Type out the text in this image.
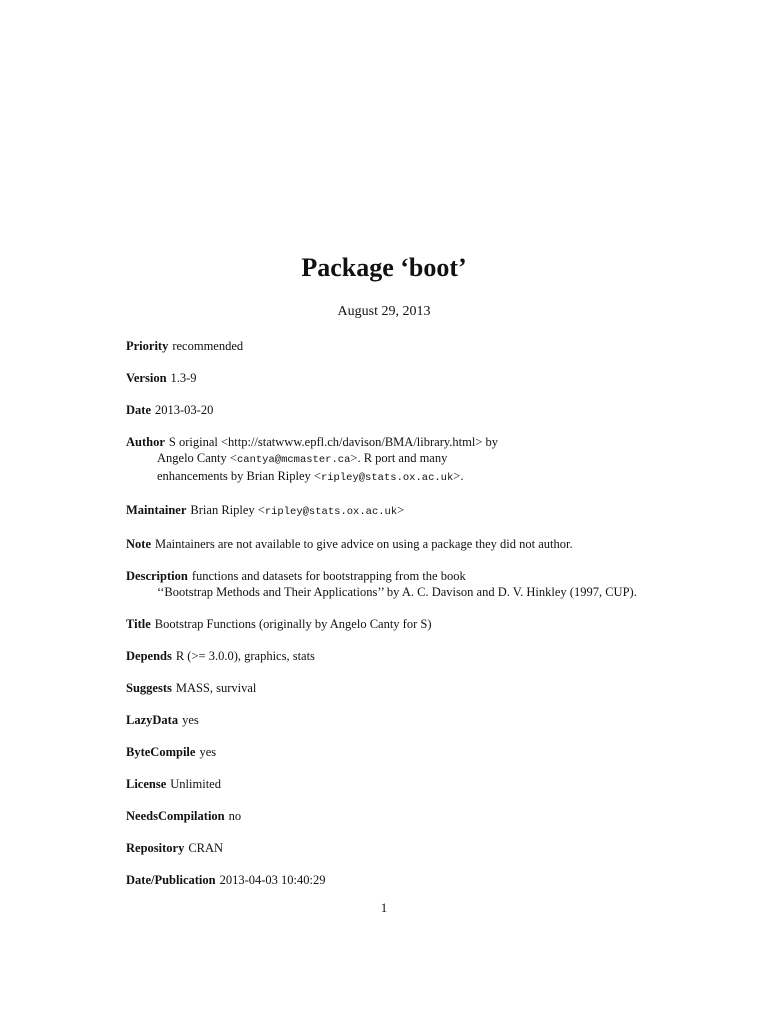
Package ‘boot’
August 29, 2013
Priority recommended
Version 1.3-9
Date 2013-03-20
Author S original <http://statwww.epfl.ch/davison/BMA/library.html> by
Angelo Canty <cantya@mcmaster.ca>. R port and many
enhancements by Brian Ripley <ripley@stats.ox.ac.uk>.
Maintainer Brian Ripley <ripley@stats.ox.ac.uk>
Note Maintainers are not available to give advice on using a package they did not author.
Description functions and datasets for bootstrapping from the book
‘‘Bootstrap Methods and Their Applications’’ by A. C. Davison and D. V. Hinkley (1997, CUP).
Title Bootstrap Functions (originally by Angelo Canty for S)
Depends R (>= 3.0.0), graphics, stats
Suggests MASS, survival
LazyData yes
ByteCompile yes
License Unlimited
NeedsCompilation no
Repository CRAN
Date/Publication 2013-04-03 10:40:29
1
